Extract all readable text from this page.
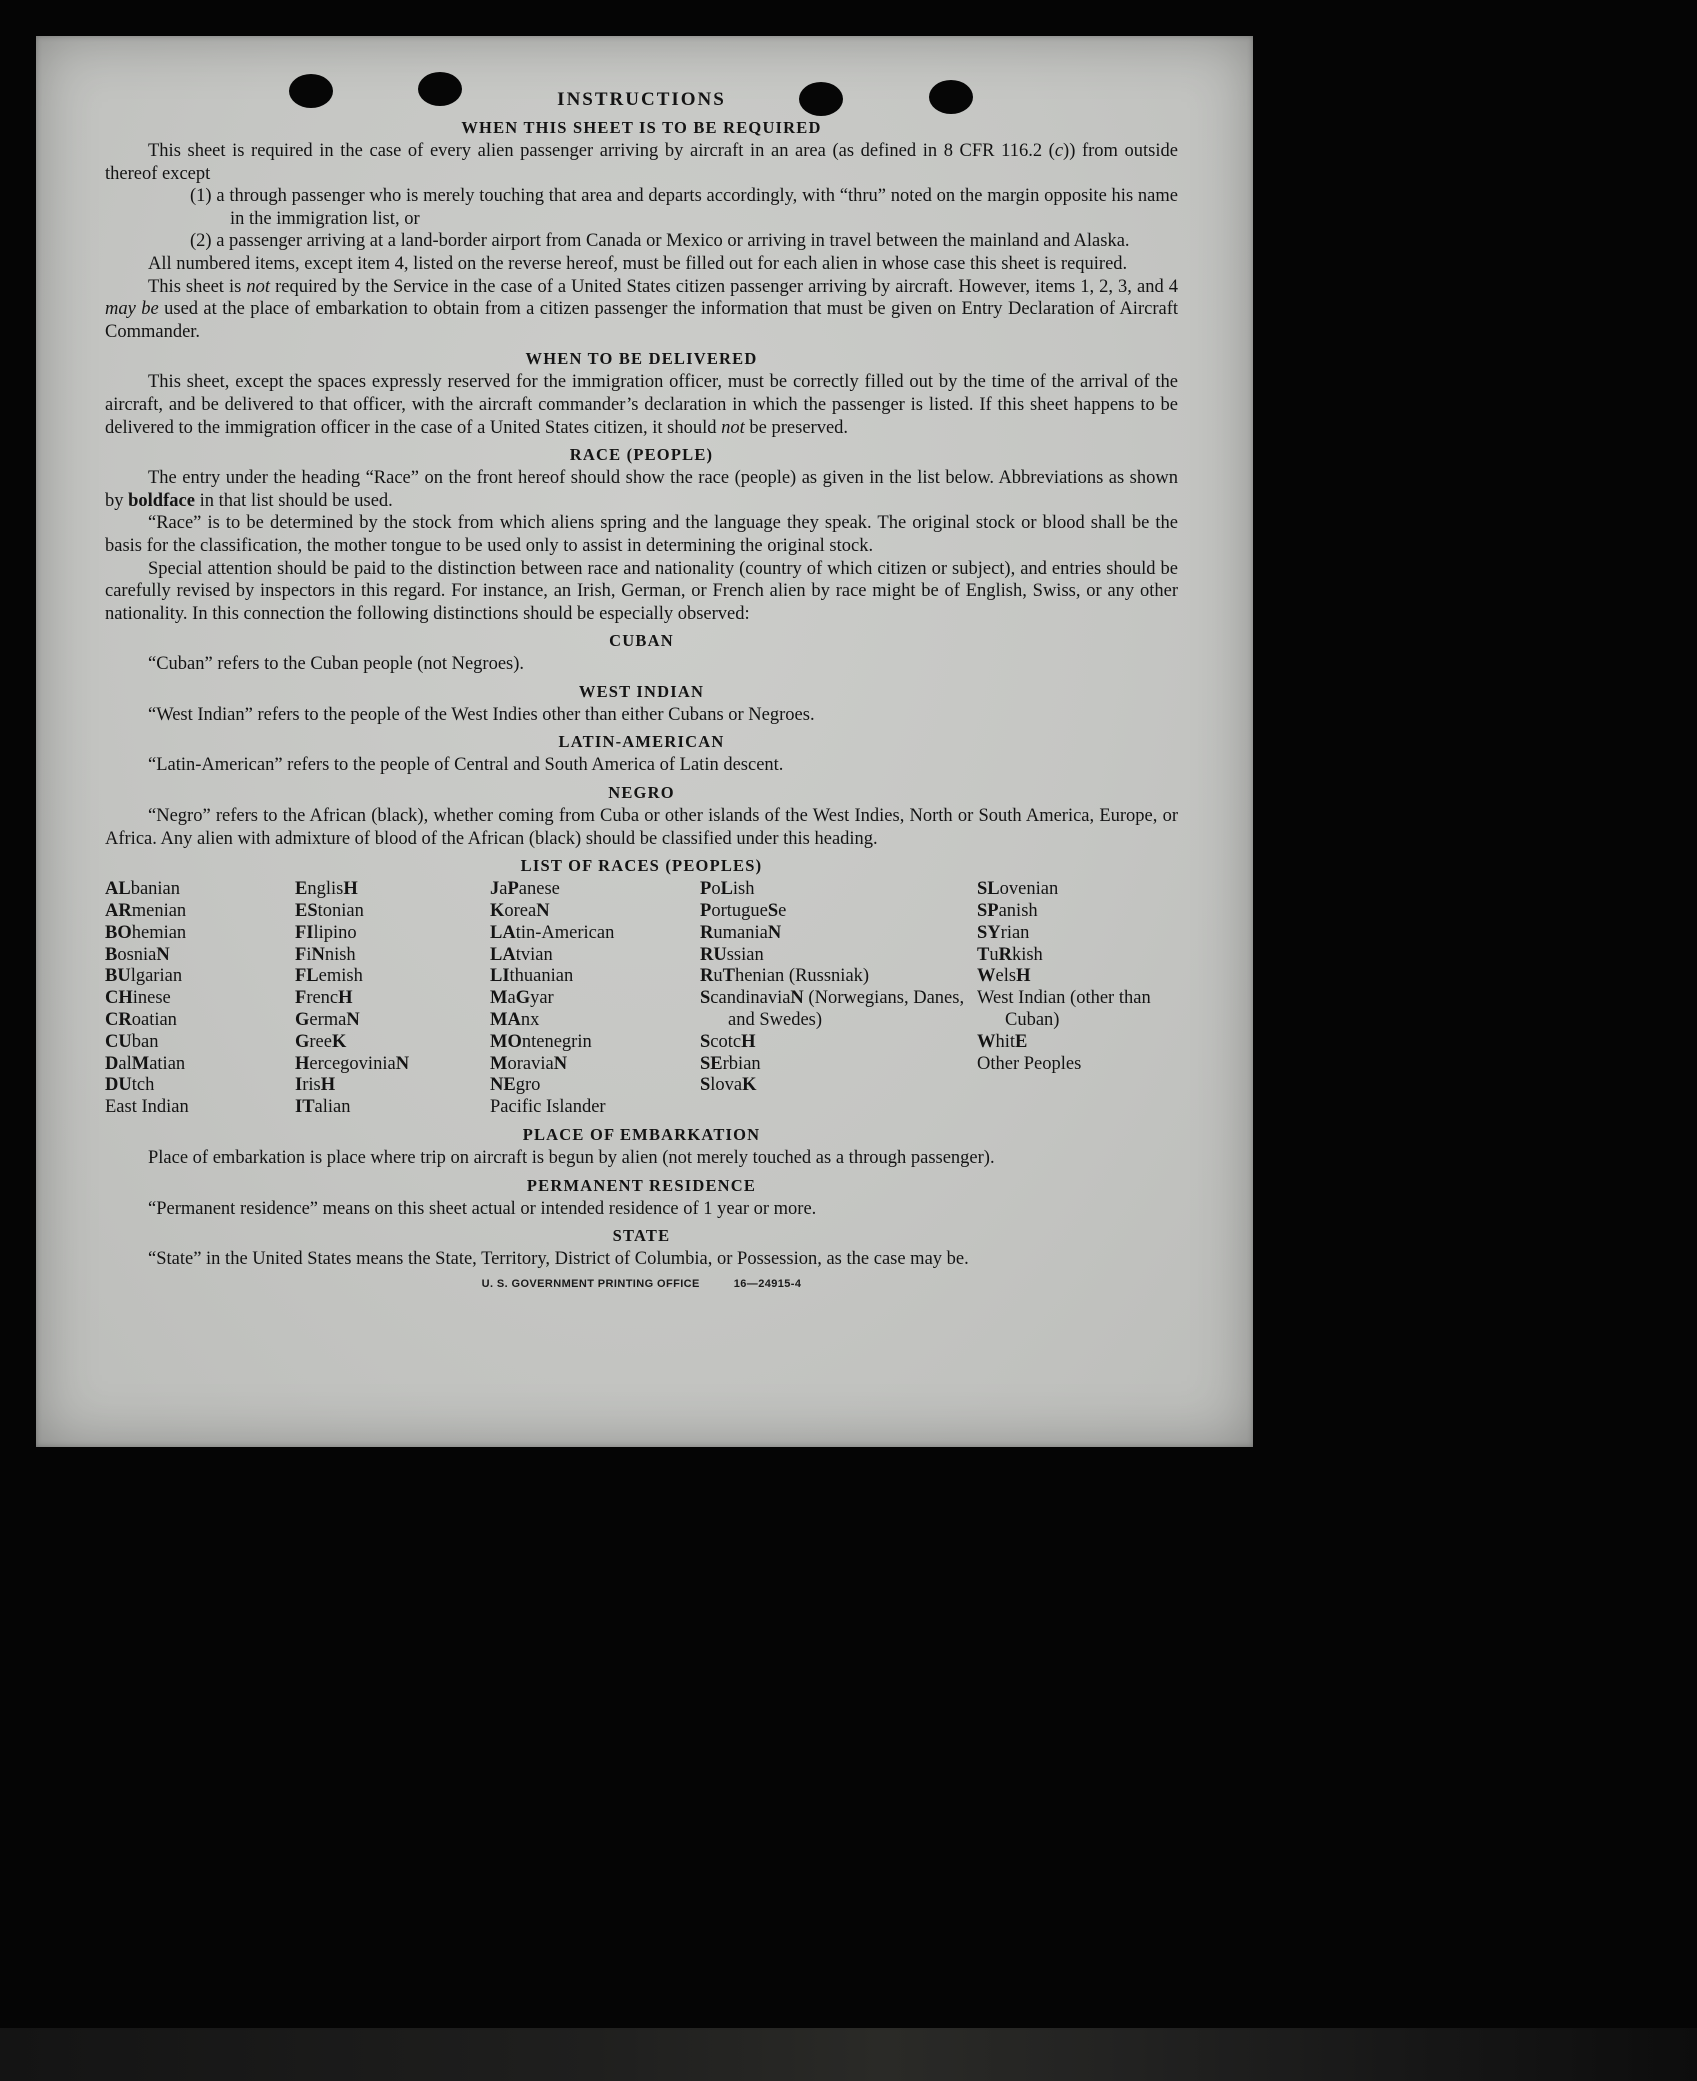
INSTRUCTIONS
WHEN THIS SHEET IS TO BE REQUIRED
This sheet is required in the case of every alien passenger arriving by aircraft in an area (as defined in 8 CFR 116.2 (c)) from outside thereof except
(1) a through passenger who is merely touching that area and departs accordingly, with “thru” noted on the margin opposite his name in the immigration list, or
(2) a passenger arriving at a land-border airport from Canada or Mexico or arriving in travel between the mainland and Alaska.
All numbered items, except item 4, listed on the reverse hereof, must be filled out for each alien in whose case this sheet is required.
This sheet is not required by the Service in the case of a United States citizen passenger arriving by aircraft. However, items 1, 2, 3, and 4 may be used at the place of embarkation to obtain from a citizen passenger the information that must be given on Entry Declaration of Aircraft Commander.
WHEN TO BE DELIVERED
This sheet, except the spaces expressly reserved for the immigration officer, must be correctly filled out by the time of the arrival of the aircraft, and be delivered to that officer, with the aircraft commander’s declaration in which the passenger is listed. If this sheet happens to be delivered to the immigration officer in the case of a United States citizen, it should not be preserved.
RACE (PEOPLE)
The entry under the heading “Race” on the front hereof should show the race (people) as given in the list below. Abbreviations as shown by boldface in that list should be used.
“Race” is to be determined by the stock from which aliens spring and the language they speak. The original stock or blood shall be the basis for the classification, the mother tongue to be used only to assist in determining the original stock.
Special attention should be paid to the distinction between race and nationality (country of which citizen or subject), and entries should be carefully revised by inspectors in this regard. For instance, an Irish, German, or French alien by race might be of English, Swiss, or any other nationality. In this connection the following distinctions should be especially observed:
CUBAN
“Cuban” refers to the Cuban people (not Negroes).
WEST INDIAN
“West Indian” refers to the people of the West Indies other than either Cubans or Negroes.
LATIN-AMERICAN
“Latin-American” refers to the people of Central and South America of Latin descent.
NEGRO
“Negro” refers to the African (black), whether coming from Cuba or other islands of the West Indies, North or South America, Europe, or Africa. Any alien with admixture of blood of the African (black) should be classified under this heading.
LIST OF RACES (PEOPLES)
ALbanian
ARmenian
BOhemian
BosniaN
BUlgarian
CHinese
CRoatian
CUban
DalMatian
DUtch
East Indian
EnglisH
EStonian
FIlipino
FiNnish
FLemish
FrencH
GermaN
GreeK
HercegoviniaN
IrisH
ITalian
JaPanese
KoreaN
LAtin-American
LAtvian
LIthuanian
MaGyar
MAnx
MOntenegrin
MoraviaN
NEgro
Pacific Islander
PoLish
PortugueSe
RumaniaN
RUssian
RuThenian (Russniak)
ScandinaviaN (Norwegians, Danes, and Swedes)
ScotcH
SErbian
SlovaK
SLovenian
SPanish
SYrian
TuRkish
WelsH
West Indian (other than Cuban)
WhitE
Other Peoples
PLACE OF EMBARKATION
Place of embarkation is place where trip on aircraft is begun by alien (not merely touched as a through passenger).
PERMANENT RESIDENCE
“Permanent residence” means on this sheet actual or intended residence of 1 year or more.
STATE
“State” in the United States means the State, Territory, District of Columbia, or Possession, as the case may be.
U. S. GOVERNMENT PRINTING OFFICE	16—24915-4
